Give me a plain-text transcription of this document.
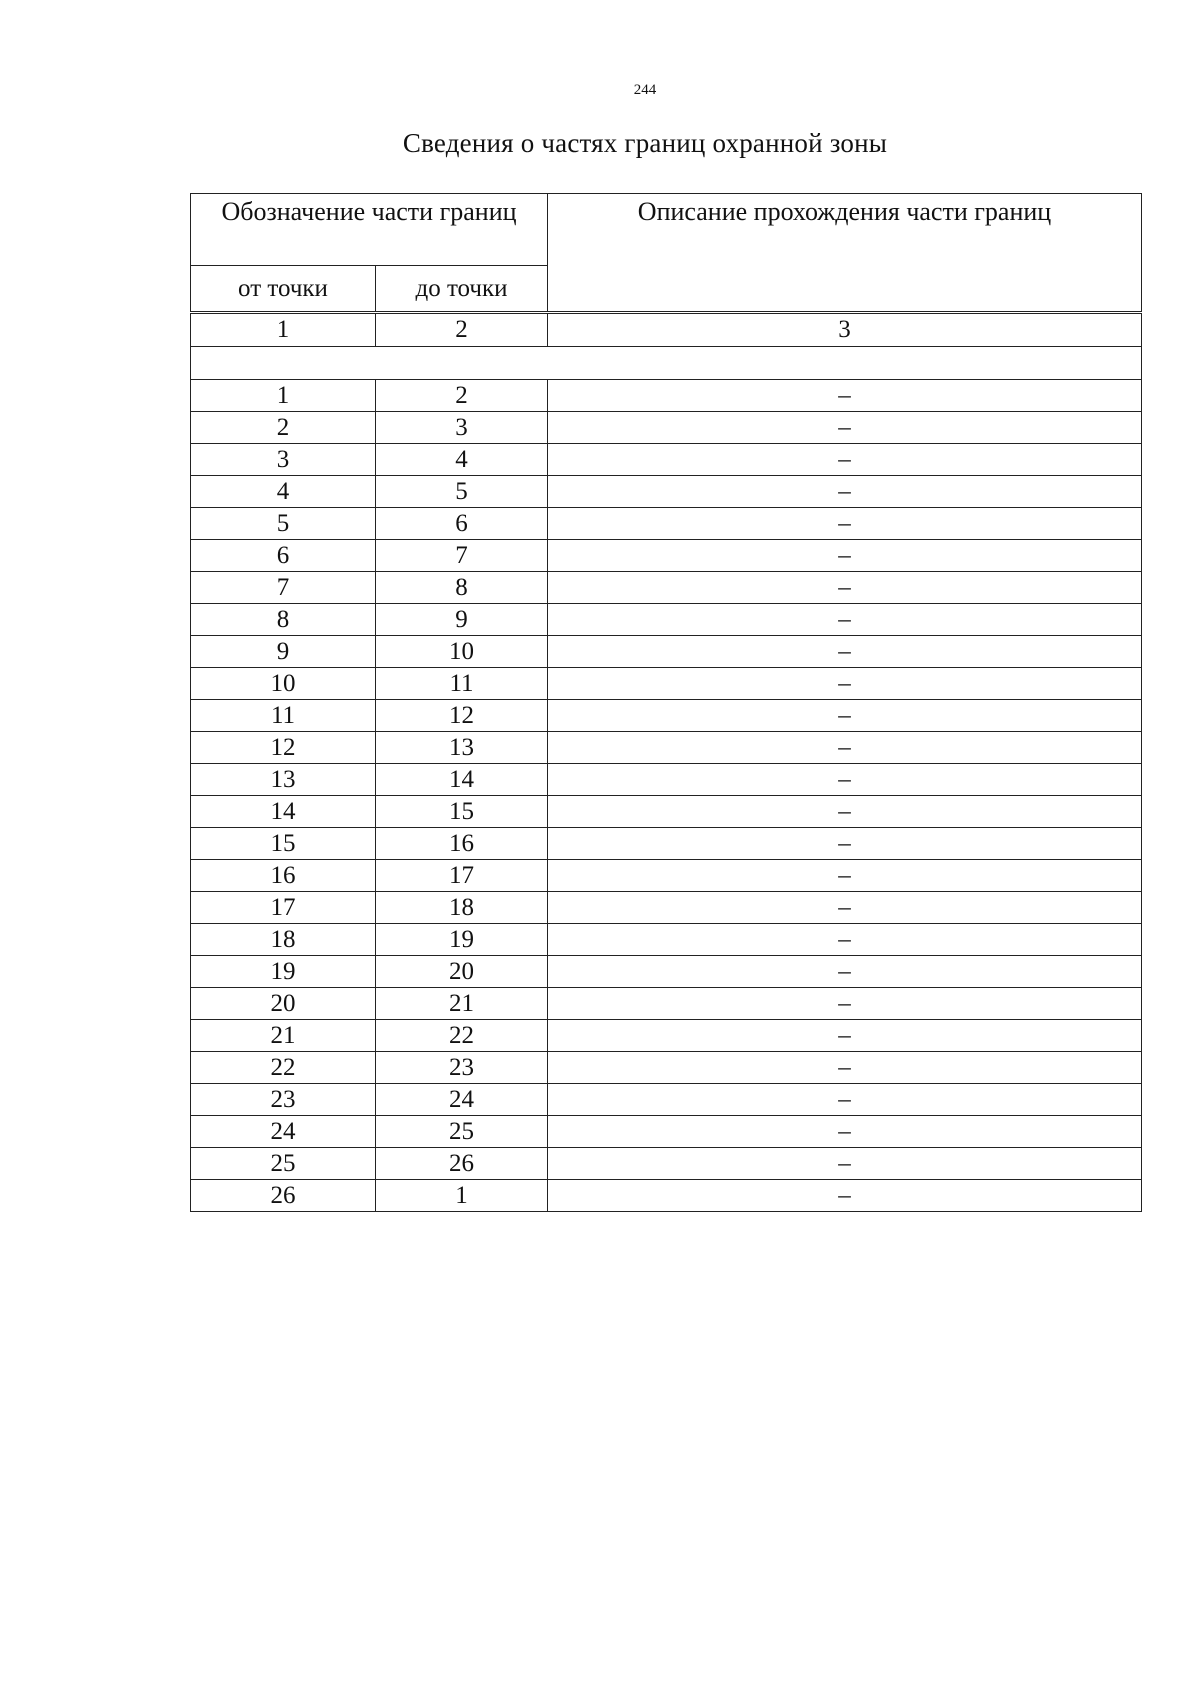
244
Сведения о частях границ охранной зоны
Обозначение части границ		Описание прохождения части границ
от точки	до точки	
1	2	3

1	2	–
2	3	–
3	4	–
4	5	–
5	6	–
6	7	–
7	8	–
8	9	–
9	10	–
10	11	–
11	12	–
12	13	–
13	14	–
14	15	–
15	16	–
16	17	–
17	18	–
18	19	–
19	20	–
20	21	–
21	22	–
22	23	–
23	24	–
24	25	–
25	26	–
26	1	–
